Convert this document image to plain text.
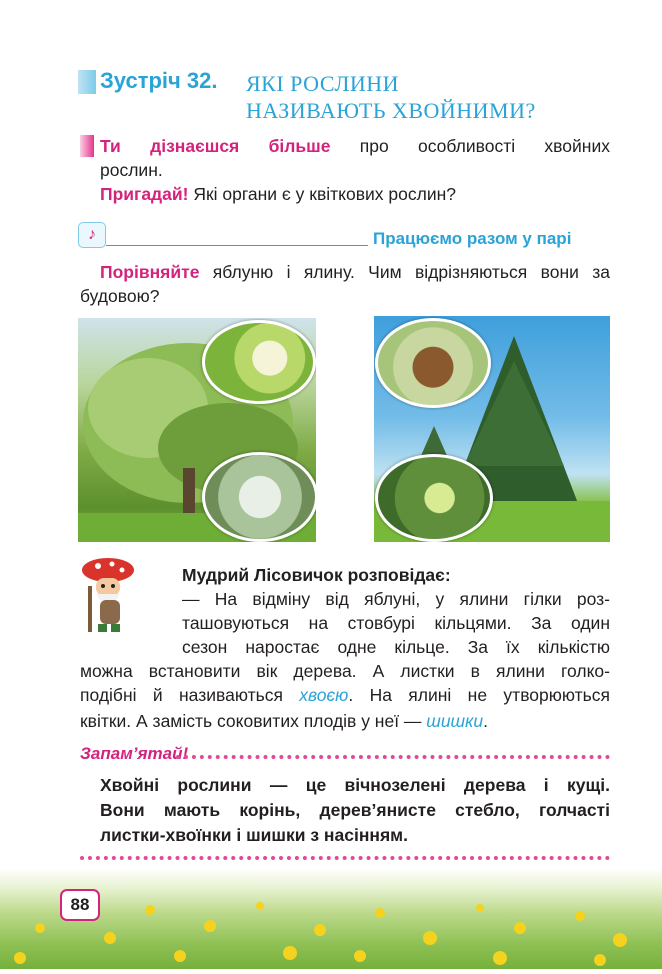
Зустріч 32. ЯКІ РОСЛИНИ
НАЗИВАЮТЬ ХВОЙНИМИ?
Ти дізнаєшся більше про особливості хвойних
рослин.
Пригадай! Які органи є у квіткових рослин?
♪	Працюємо разом у парі
Порівняйте яблуню і ялину. Чим відрізняються вони за
будовою?
Мудрий Лісовичок розповідає:
— На відміну від яблуні, у ялини гілки роз-
ташовуються на стовбурі кільцями. За один
сезон наростає одне кільце. За їх кількістю
можна встановити вік дерева. А листки в ялини голко-
подібні й називаються хвоєю. На ялині не утворюються
квітки. А замість соковитих плодів у неї — шишки.
Запам’ятай!
Хвойні рослини — це вічнозелені дерева і кущі.
Вони мають корінь, дерев’янисте стебло, голчасті
листки-хвоїнки і шишки з насінням.
88
